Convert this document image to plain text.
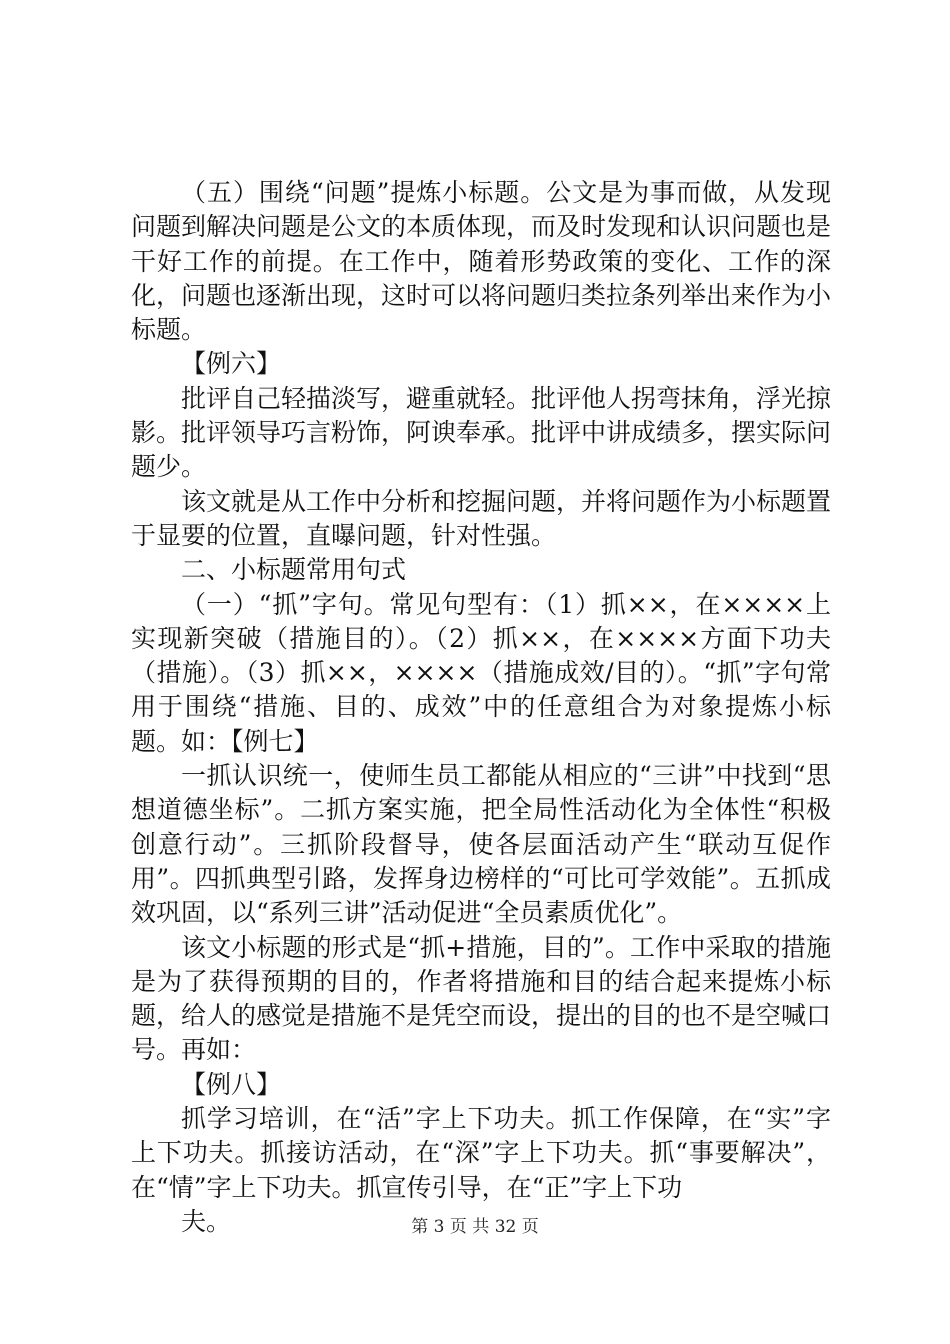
（五）围绕“问题”提炼小标题。公文是为事而做，从发现问题到解决问题是公文的本质体现，而及时发现和认识问题也是干好工作的前提。在工作中，随着形势政策的变化、工作的深化，问题也逐渐出现，这时可以将问题归类拉条列举出来作为小标题。

【例六】

批评自己轻描淡写，避重就轻。批评他人拐弯抹角，浮光掠影。批评领导巧言粉饰，阿谀奉承。批评中讲成绩多，摆实际问题少。

该文就是从工作中分析和挖掘问题，并将问题作为小标题置于显要的位置，直曝问题，针对性强。

二、小标题常用句式

（一）“抓”字句。常见句型有：（1）抓××，在××××上实现新突破（措施目的）。（2）抓××，在××××方面下功夫（措施）。（3）抓××，××××（措施成效/目的）。“抓”字句常用于围绕“措施、目的、成效”中的任意组合为对象提炼小标题。如：【例七】

一抓认识统一，使师生员工都能从相应的“三讲”中找到“思想道德坐标”。二抓方案实施，把全局性活动化为全体性“积极创意行动”。三抓阶段督导，使各层面活动产生“联动互促作用”。四抓典型引路，发挥身边榜样的“可比可学效能”。五抓成效巩固，以“系列三讲”活动促进“全员素质优化”。

该文小标题的形式是“抓+措施，目的”。工作中采取的措施是为了获得预期的目的，作者将措施和目的结合起来提炼小标题，给人的感觉是措施不是凭空而设，提出的目的也不是空喊口号。再如：

【例八】

抓学习培训，在“活”字上下功夫。抓工作保障，在“实”字上下功夫。抓接访活动，在“深”字上下功夫。抓“事要解决”，在“情”字上下功夫。抓宣传引导，在“正”字上下功

夫。	第 3 页 共 32 页
